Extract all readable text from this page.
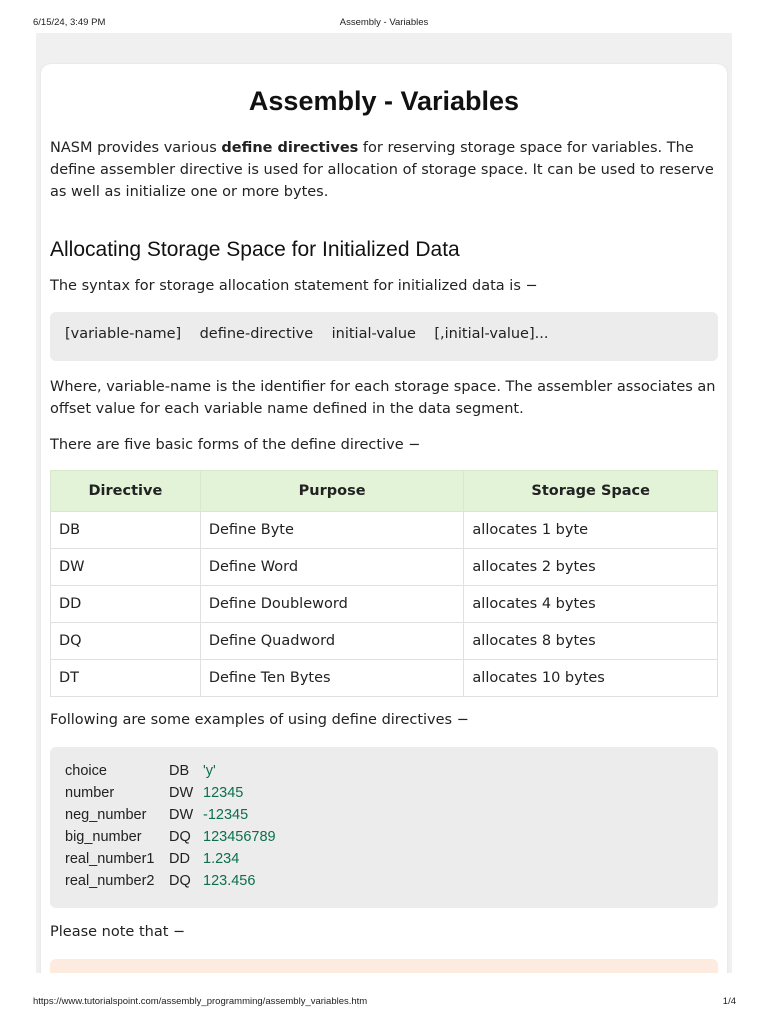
6/15/24, 3:49 PM	Assembly - Variables
Assembly - Variables

NASM provides various define directives for reserving storage space for variables. The define assembler directive is used for allocation of storage space. It can be used to reserve as well as initialize one or more bytes.

Allocating Storage Space for Initialized Data

The syntax for storage allocation statement for initialized data is −

[variable-name]    define-directive    initial-value    [,initial-value]...

Where, variable-name is the identifier for each storage space. The assembler associates an offset value for each variable name defined in the data segment.

There are five basic forms of the define directive −

Directive	Purpose	Storage Space
DB	Define Byte	allocates 1 byte
DW	Define Word	allocates 2 bytes
DD	Define Doubleword	allocates 4 bytes
DQ	Define Quadword	allocates 8 bytes
DT	Define Ten Bytes	allocates 10 bytes

Following are some examples of using define directives −

choice	DB 'y'
number	DW 12345
neg_number	DW -12345
big_number	DQ 123456789
real_number1	DD 1.234
real_number2	DQ 123.456

Please note that −

https://www.tutorialspoint.com/assembly_programming/assembly_variables.htm	1/4
